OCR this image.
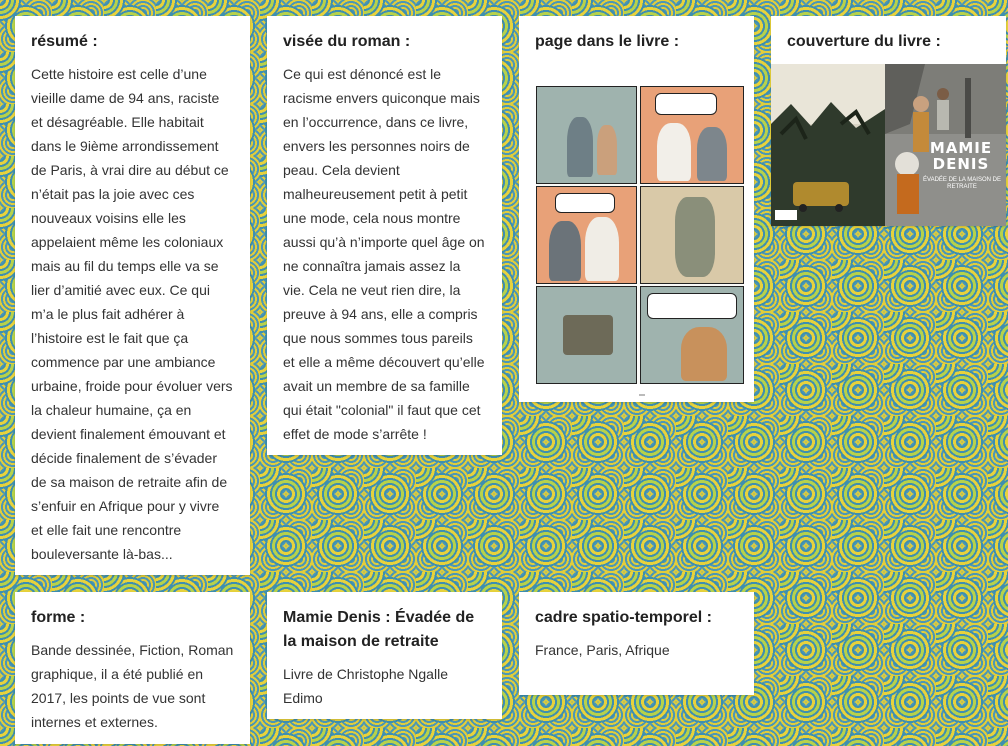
résumé :
Cette histoire est celle d’une vieille dame de 94 ans, raciste et désagréable. Elle habitait dans le 9ième arrondissement de Paris, à vrai dire au début ce n’était pas la joie avec ces nouveaux voisins elle les appelaient même les coloniaux mais au fil du temps elle va se lier d’amitié avec eux. Ce qui m’a le plus fait adhérer à l’histoire est le fait que ça commence par une ambiance urbaine, froide pour évoluer vers la chaleur humaine, ça en devient finalement émouvant et décide finalement de s’évader de sa maison de retraite afin de s’enfuir en Afrique pour y vivre et elle fait une rencontre bouleversante là-bas...
visée du roman :
Ce qui est dénoncé est le racisme envers quiconque mais en l’occurrence, dans ce livre, envers les personnes noirs de peau. Cela devient malheureusement petit à petit une mode, cela nous montre aussi qu’à n’importe quel âge on ne connaîtra jamais assez la vie. Cela ne veut rien dire, la preuve à 94 ans, elle a compris que nous sommes tous pareils et elle a même découvert qu’elle avait un membre de sa famille qui était "colonial" il faut que cet effet de mode s’arrête !
page dans le livre :	couverture du livre :
MAMIE DENIS
ÉVADÉE DE LA MAISON DE RETRAITE
forme :
Bande dessinée, Fiction, Roman graphique, il a été publié en 2017, les points de vue sont internes et externes.
Mamie Denis : Évadée de la maison de retraite
Livre de Christophe Ngalle Edimo
cadre spatio-temporel :
France, Paris, Afrique
